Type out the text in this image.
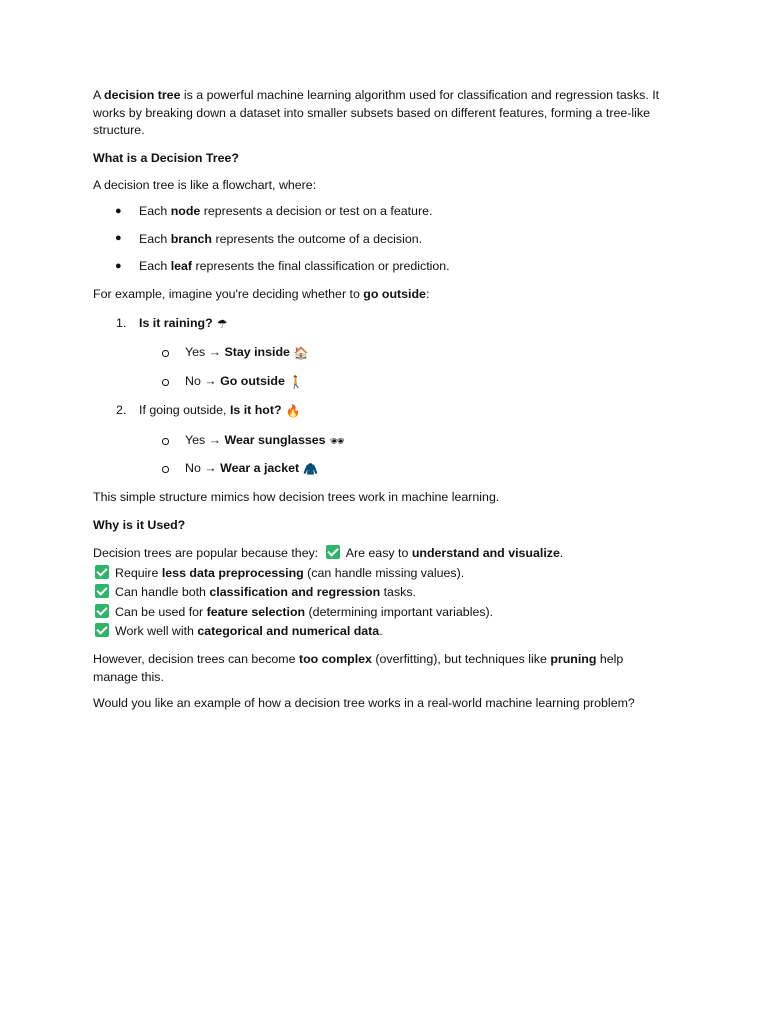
A decision tree is a powerful machine learning algorithm used for classification and regression tasks. It works by breaking down a dataset into smaller subsets based on different features, forming a tree-like structure.
What is a Decision Tree?
A decision tree is like a flowchart, where:
● Each node represents a decision or test on a feature.
● Each branch represents the outcome of a decision.
● Each leaf represents the final classification or prediction.
For example, imagine you're deciding whether to go outside:
1. Is it raining? ☂
Yes → Stay inside 🏠
No → Go outside 🚶
2. If going outside, Is it hot? 🔥
Yes → Wear sunglasses 🕶
No → Wear a jacket 🧥
This simple structure mimics how decision trees work in machine learning.
Why is it Used?
Decision trees are popular because they: Are easy to understand and visualize.
Require less data preprocessing (can handle missing values).
Can handle both classification and regression tasks.
Can be used for feature selection (determining important variables).
Work well with categorical and numerical data.
However, decision trees can become too complex (overfitting), but techniques like pruning help manage this.
Would you like an example of how a decision tree works in a real-world machine learning problem?
